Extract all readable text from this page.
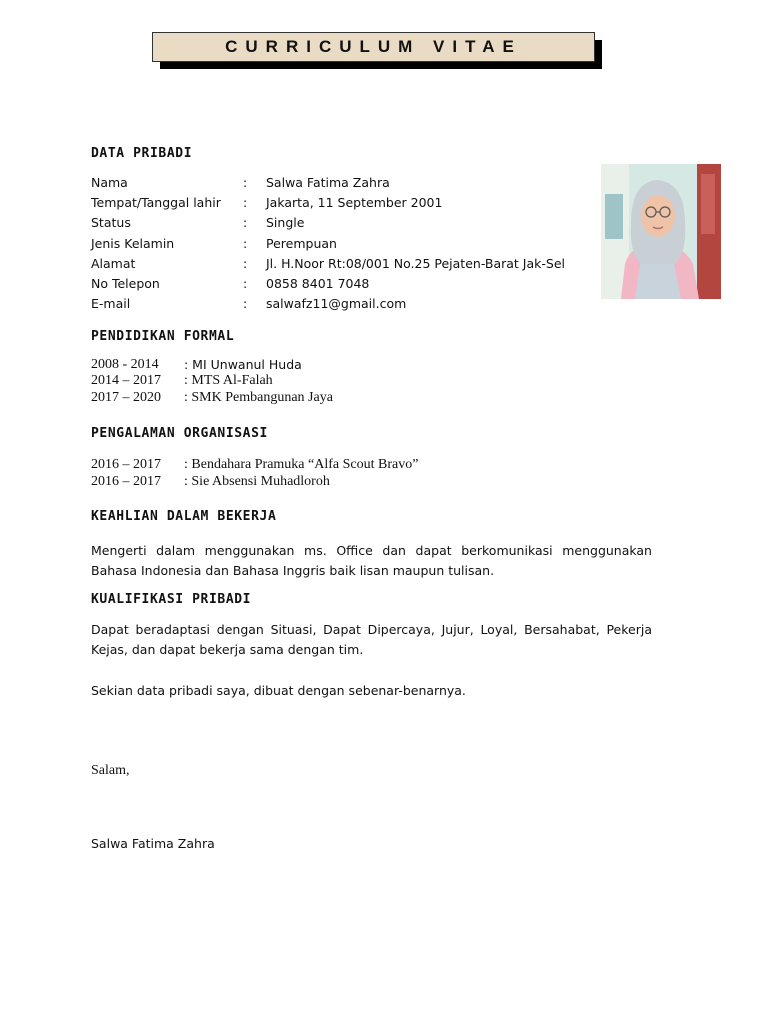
CURRICULUM VITAE
DATA PRIBADI
Nama	: Salwa Fatima Zahra
Tempat/Tanggal lahir : Jakarta, 11 September 2001
Status	: Single
Jenis Kelamin	: Perempuan
Alamat	: Jl. H.Noor Rt:08/001 No.25 Pejaten-Barat Jak-Sel
No Telepon	: 0858 8401 7048
E-mail	: salwafz11@gmail.com
PENDIDIKAN FORMAL
2008 - 2014 : MI Unwanul Huda
2014 – 2017 : MTS Al-Falah
2017 – 2020 : SMK Pembangunan Jaya
PENGALAMAN ORGANISASI
2016 – 2017 : Bendahara Pramuka “Alfa Scout Bravo”
2016 – 2017 : Sie Absensi Muhadloroh
KEAHLIAN DALAM BEKERJA
Mengerti dalam menggunakan ms. Office dan dapat berkomunikasi menggunakan Bahasa Indonesia dan Bahasa Inggris baik lisan maupun tulisan.
KUALIFIKASI PRIBADI
Dapat beradaptasi dengan Situasi, Dapat Dipercaya, Jujur, Loyal, Bersahabat, Pekerja Kejas, dan dapat bekerja sama dengan tim.
Sekian data pribadi saya, dibuat dengan sebenar-benarnya.
Salam,
Salwa Fatima Zahra
